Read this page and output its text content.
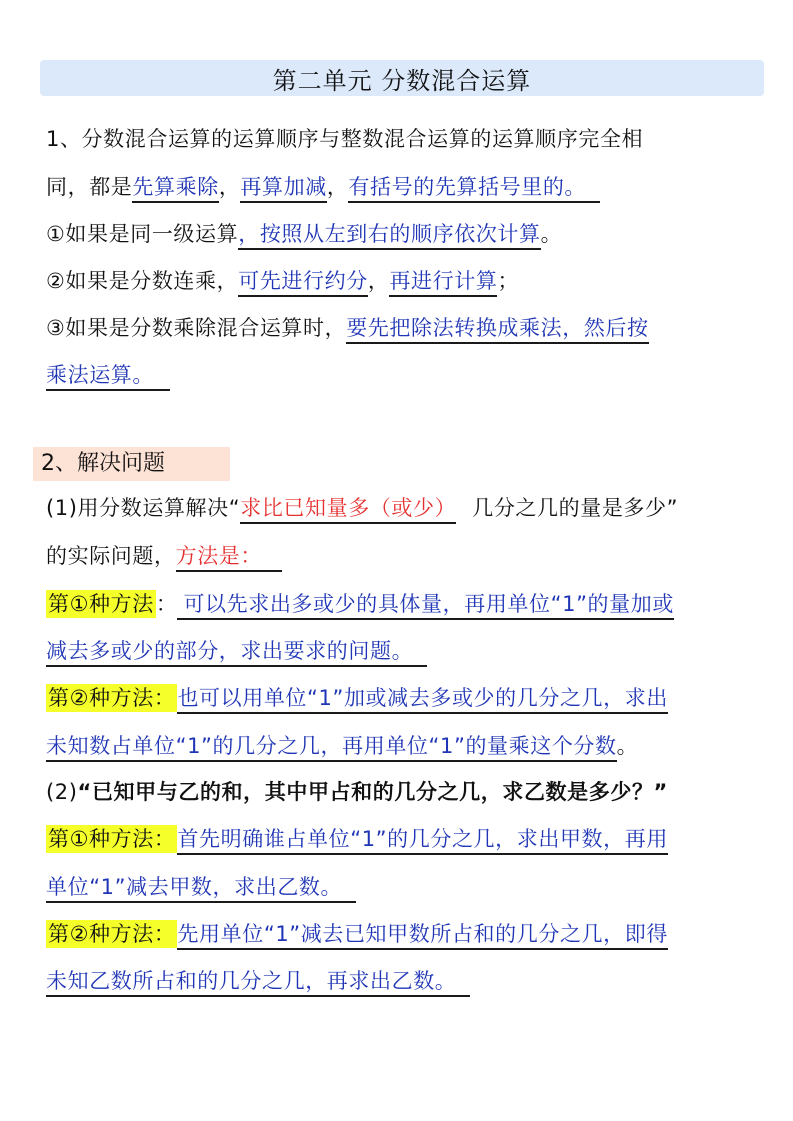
第二单元 分数混合运算
1、分数混合运算的运算顺序与整数混合运算的运算顺序完全相
同，都是先算乘除，再算加减，有括号的先算括号里的。
①如果是同一级运算，按照从左到右的顺序依次计算。
②如果是分数连乘，可先进行约分，再进行计算；
③如果是分数乘除混合运算时，要先把除法转换成乘法，然后按
乘法运算。
2、解决问题
(1)用分数运算解决“求比已知量多（或少） 几分之几的量是多少”
的实际问题，方法是：
第①种方法： 可以先求出多或少的具体量，再用单位“1”的量加或
减去多或少的部分，求出要求的问题。
第②种方法：也可以用单位“1”加或减去多或少的几分之几，求出
未知数占单位“1”的几分之几，再用单位“1”的量乘这个分数。
(2)“已知甲与乙的和，其中甲占和的几分之几，求乙数是多少？”
第①种方法：首先明确谁占单位“1”的几分之几，求出甲数，再用
单位“1”减去甲数，求出乙数。
第②种方法：先用单位“1”减去已知甲数所占和的几分之几，即得
未知乙数所占和的几分之几，再求出乙数。
